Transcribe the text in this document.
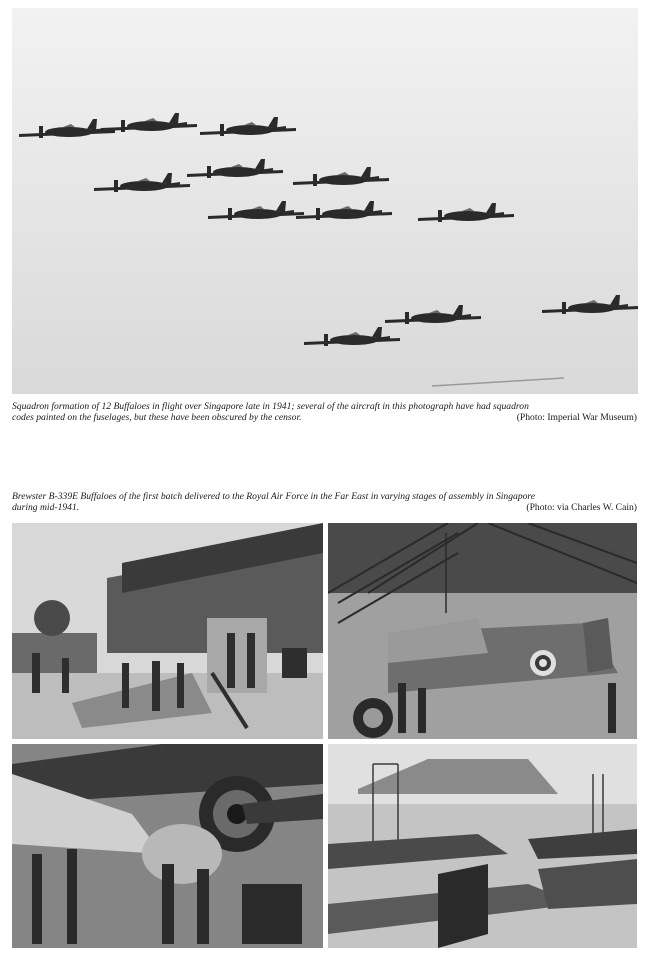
Squadron formation of 12 Buffaloes in flight over Singapore late in 1941; several of the aircraft in this photograph have had squadron
codes painted on the fuselages, but these have been obscured by the censor.	(Photo: Imperial War Museum)
Brewster B-339E Buffaloes of the first batch delivered to the Royal Air Force in the Far East in varying stages of assembly in Singapore
during mid-1941.	(Photo: via Charles W. Cain)
